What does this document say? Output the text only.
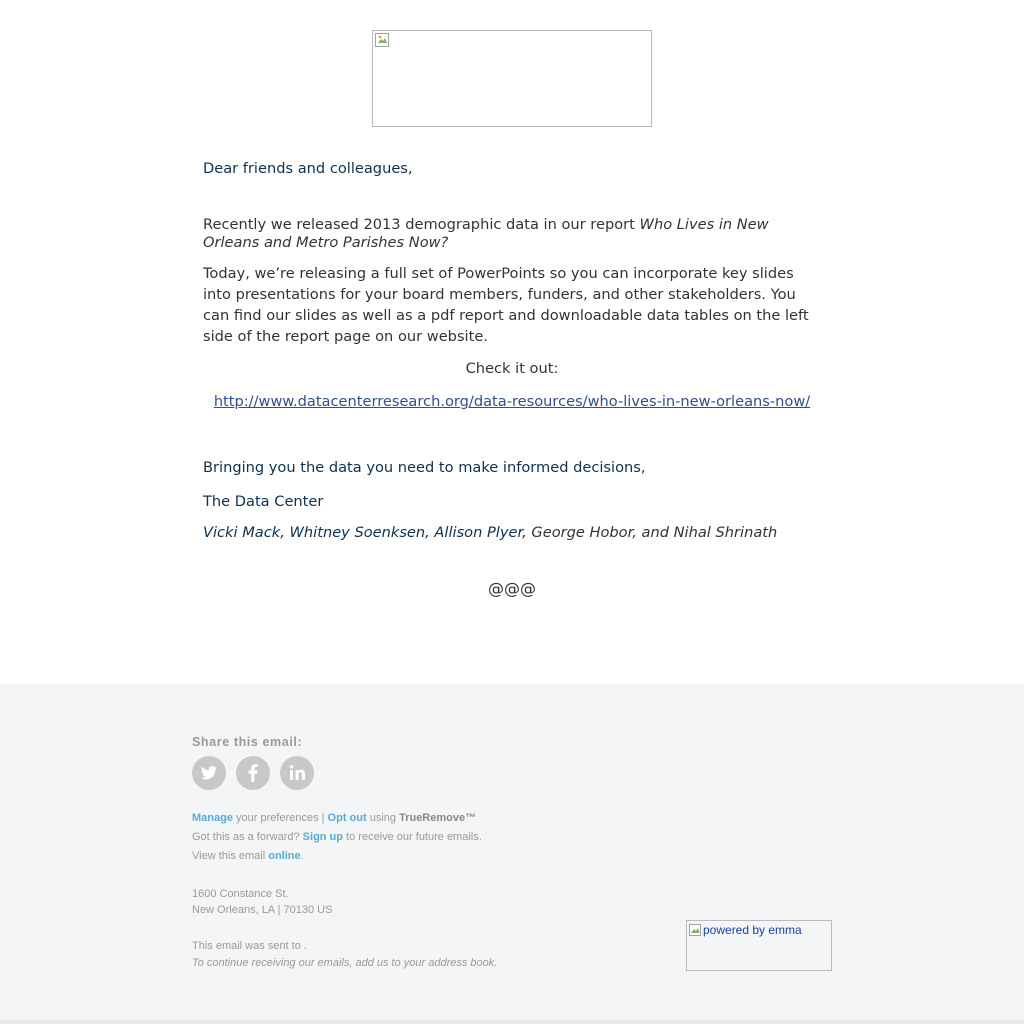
Dear friends and colleagues,

Recently we released 2013 demographic data in our report Who Lives in New Orleans and Metro Parishes Now?

Today, we’re releasing a full set of PowerPoints so you can incorporate key slides into presentations for your board members, funders, and other stakeholders. You can find our slides as well as a pdf report and downloadable data tables on the left side of the report page on our website.

Check it out:

http://www.datacenterresearch.org/data-resources/who-lives-in-new-orleans-now/

Bringing you the data you need to make informed decisions,

The Data Center

Vicki Mack, Whitney Soenksen, Allison Plyer, George Hobor, and Nihal Shrinath

@@@

Share this email:
Manage your preferences | Opt out using TrueRemove™
Got this as a forward? Sign up to receive our future emails.
View this email online.
1600 Constance St.
New Orleans, LA | 70130 US
This email was sent to .
To continue receiving our emails, add us to your address book.
powered by emma
